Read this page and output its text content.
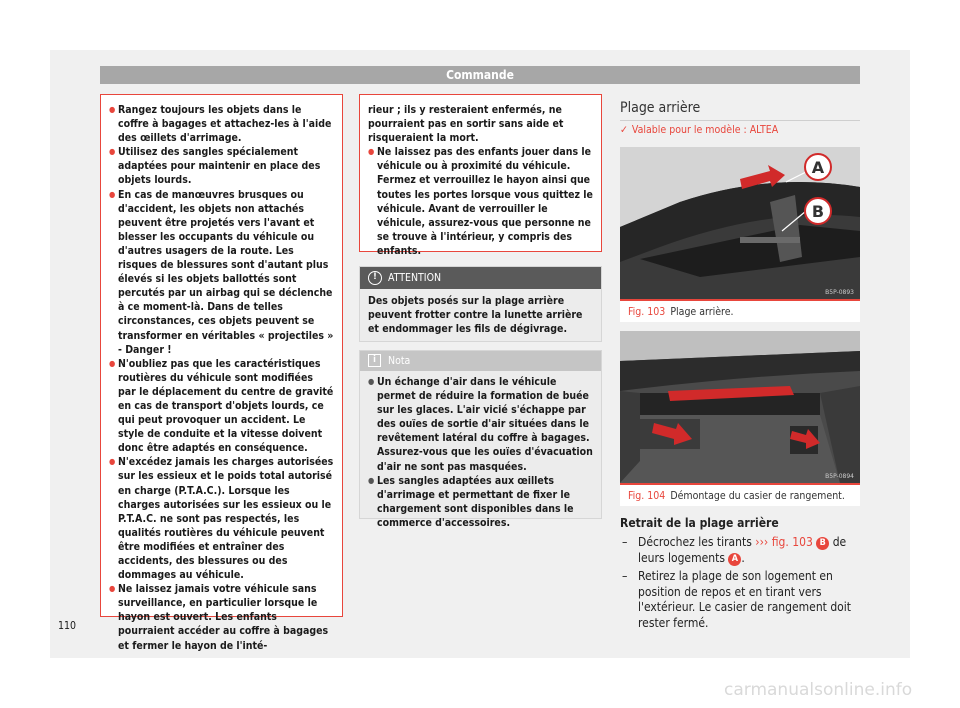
Commande
● Rangez toujours les objets dans le coffre à bagages et attachez-les à l'aide des œillets d'arrimage.
● Utilisez des sangles spécialement adaptées pour maintenir en place des objets lourds.
● En cas de manœuvres brusques ou d'accident, les objets non attachés peuvent être projetés vers l'avant et blesser les occupants du véhicule ou d'autres usagers de la route. Les risques de blessures sont d'autant plus élevés si les objets ballottés sont percutés par un airbag qui se déclenche à ce moment-là. Dans de telles circonstances, ces objets peuvent se transformer en véritables « projectiles » - Danger !
● N'oubliez pas que les caractéristiques routières du véhicule sont modifiées par le déplacement du centre de gravité en cas de transport d'objets lourds, ce qui peut provoquer un accident. Le style de conduite et la vitesse doivent donc être adaptés en conséquence.
● N'excédez jamais les charges autorisées sur les essieux et le poids total autorisé en charge (P.T.A.C.). Lorsque les charges autorisées sur les essieux ou le P.T.A.C. ne sont pas respectés, les qualités routières du véhicule peuvent être modifiées et entraîner des accidents, des blessures ou des dommages au véhicule.
● Ne laissez jamais votre véhicule sans surveillance, en particulier lorsque le hayon est ouvert. Les enfants pourraient accéder au coffre à bagages et fermer le hayon de l'inté-
rieur ; ils y resteraient enfermés, ne pourraient pas en sortir sans aide et risqueraient la mort.
● Ne laissez pas des enfants jouer dans le véhicule ou à proximité du véhicule. Fermez et verrouillez le hayon ainsi que toutes les portes lorsque vous quittez le véhicule. Avant de verrouiller le véhicule, assurez-vous que personne ne se trouve à l'intérieur, y compris des enfants.
!	ATTENTION
Des objets posés sur la plage arrière peuvent frotter contre la lunette arrière et endommager les fils de dégivrage.
i	Nota
● Un échange d'air dans le véhicule permet de réduire la formation de buée sur les glaces. L'air vicié s'échappe par des ouïes de sortie d'air situées dans le revêtement latéral du coffre à bagages. Assurez-vous que les ouïes d'évacuation d'air ne sont pas masquées.
● Les sangles adaptées aux œillets d'arrimage et permettant de fixer le chargement sont disponibles dans le commerce d'accessoires.
Plage arrière
✓ Valable pour le modèle : ALTEA
A
B
B5P-0893
Fig. 103 Plage arrière.
B5P-0894
Fig. 104 Démontage du casier de rangement.
Retrait de la plage arrière
– Décrochez les tirants ››› fig. 103 B de leurs logements A .
– Retirez la plage de son logement en position de repos et en tirant vers l'extérieur. Le casier de rangement doit rester fermé.
110
carmanualsonline.info
